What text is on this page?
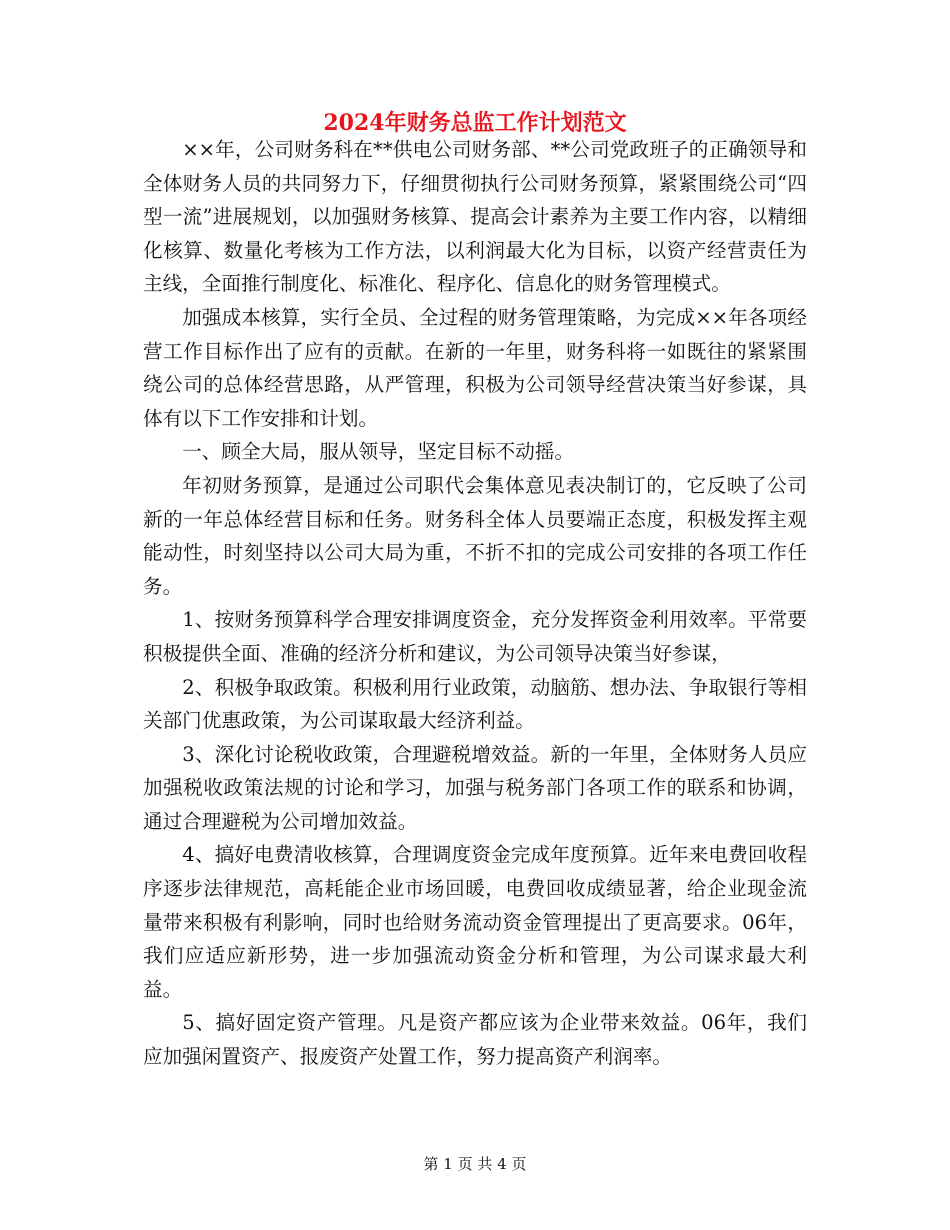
2024年财务总监工作计划范文

××年，公司财务科在**供电公司财务部、**公司党政班子的正确领导和全体财务人员的共同努力下，仔细贯彻执行公司财务预算，紧紧围绕公司“四型一流”进展规划，以加强财务核算、提高会计素养为主要工作内容，以精细化核算、数量化考核为工作方法，以利润最大化为目标，以资产经营责任为主线，全面推行制度化、标准化、程序化、信息化的财务管理模式。

加强成本核算，实行全员、全过程的财务管理策略，为完成××年各项经营工作目标作出了应有的贡献。在新的一年里，财务科将一如既往的紧紧围绕公司的总体经营思路，从严管理，积极为公司领导经营决策当好参谋，具体有以下工作安排和计划。

一、顾全大局，服从领导，坚定目标不动摇。

年初财务预算，是通过公司职代会集体意见表决制订的，它反映了公司新的一年总体经营目标和任务。财务科全体人员要端正态度，积极发挥主观能动性，时刻坚持以公司大局为重，不折不扣的完成公司安排的各项工作任务。

1、按财务预算科学合理安排调度资金，充分发挥资金利用效率。平常要积极提供全面、准确的经济分析和建议，为公司领导决策当好参谋，

2、积极争取政策。积极利用行业政策，动脑筋、想办法、争取银行等相关部门优惠政策，为公司谋取最大经济利益。

3、深化讨论税收政策，合理避税增效益。新的一年里，全体财务人员应加强税收政策法规的讨论和学习，加强与税务部门各项工作的联系和协调，通过合理避税为公司增加效益。

4、搞好电费清收核算，合理调度资金完成年度预算。近年来电费回收程序逐步法律规范，高耗能企业市场回暖，电费回收成绩显著，给企业现金流量带来积极有利影响，同时也给财务流动资金管理提出了更高要求。06年，我们应适应新形势，进一步加强流动资金分析和管理，为公司谋求最大利益。

5、搞好固定资产管理。凡是资产都应该为企业带来效益。06年，我们应加强闲置资产、报废资产处置工作，努力提高资产利润率。

第 1 页 共 4 页
